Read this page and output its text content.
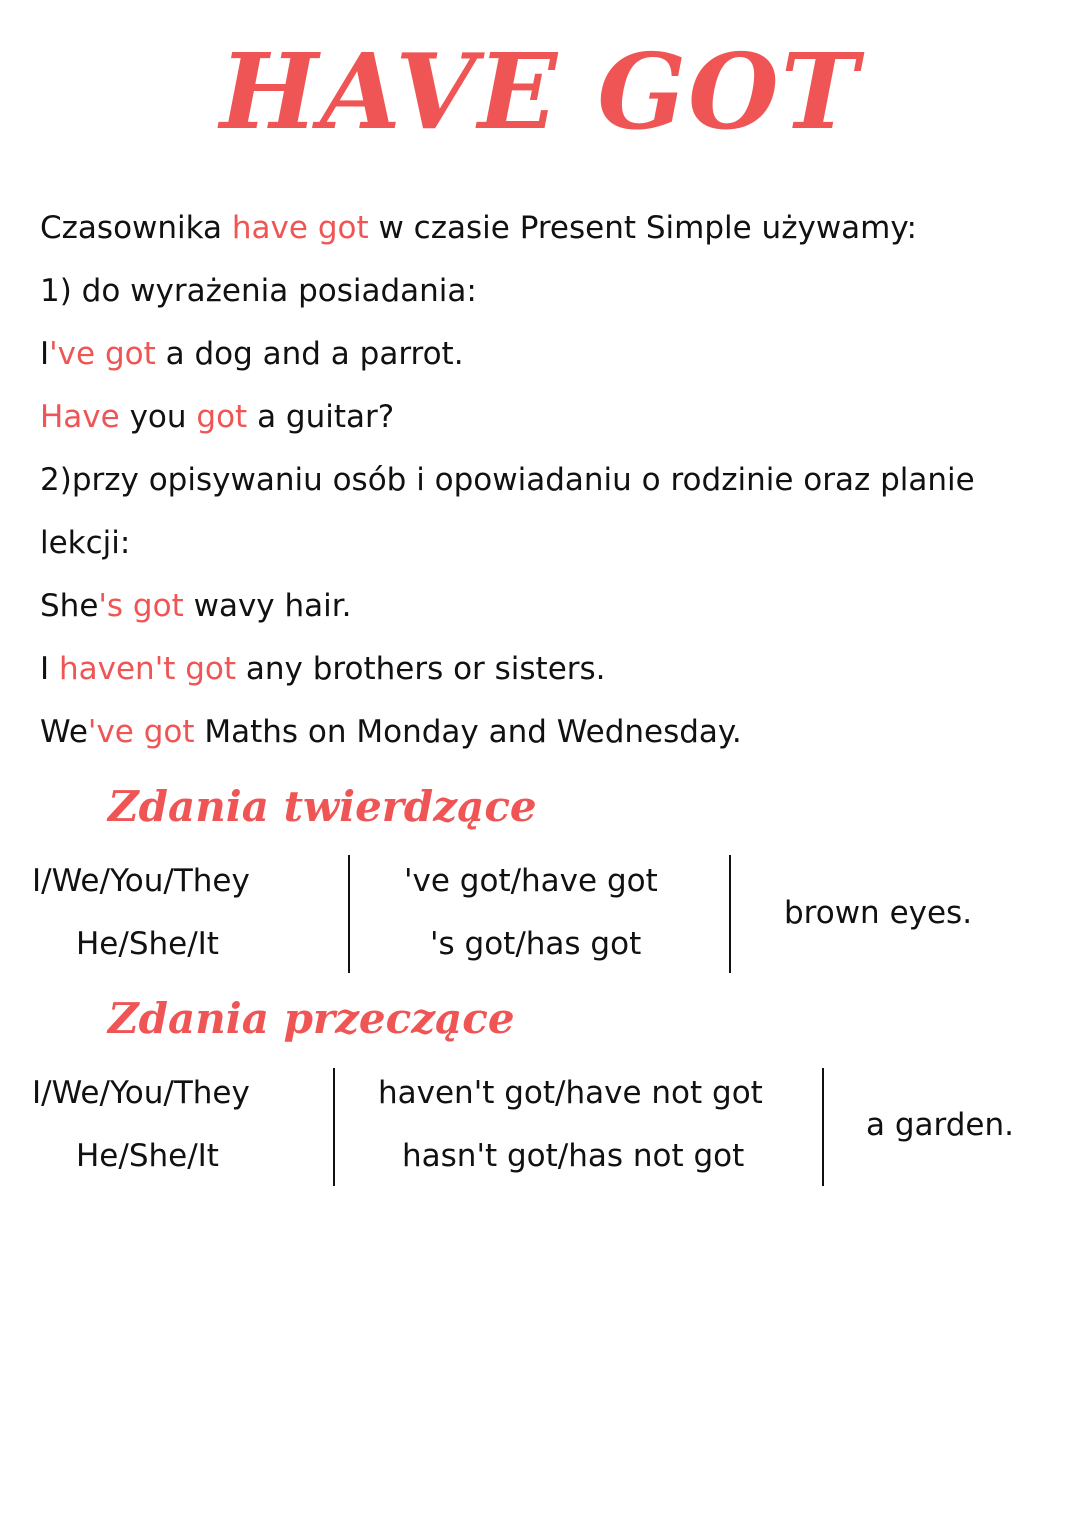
HAVE GOT
Czasownika have got w czasie Present Simple używamy:
1) do wyrażenia posiadania:
I've got a dog and a parrot.
Have you got a guitar?
2)przy opisywaniu osób i opowiadaniu o rodzinie oraz planie
lekcji:
She's got wavy hair.
I haven't got any brothers or sisters.
We've got Maths on Monday and Wednesday.
Zdania twierdzące
I/We/You/They
He/She/It
've got/have got
's got/has got
brown eyes.
Zdania przeczące
I/We/You/They
He/She/It
haven't got/have not got
hasn't got/has not got
a garden.
